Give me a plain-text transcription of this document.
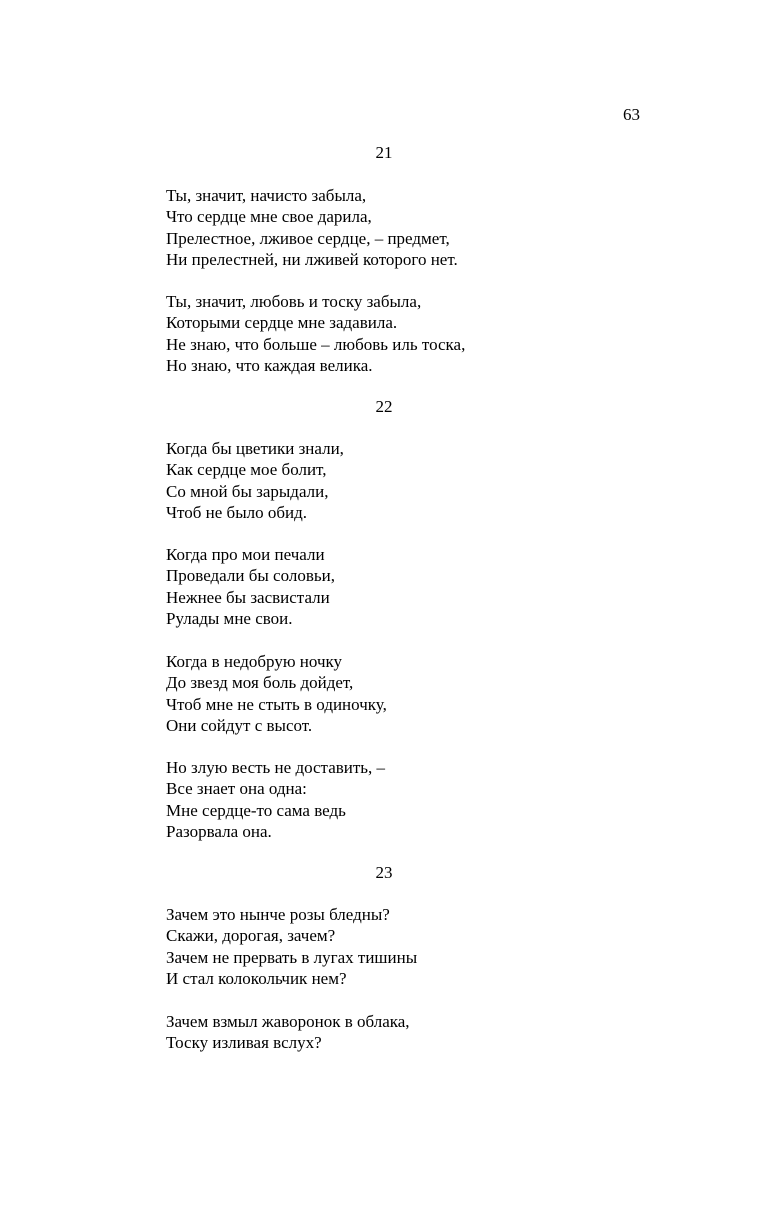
63
21
Ты, значит, начисто забыла,
Что сердце мне свое дарила,
Прелестное, лживое сердце, – предмет,
Ни прелестней, ни лживей которого нет.
Ты, значит, любовь и тоску забыла,
Которыми сердце мне задавила.
Не знаю, что больше – любовь иль тоска,
Но знаю, что каждая велика.
22
Когда бы цветики знали,
Как сердце мое болит,
Со мной бы зарыдали,
Чтоб не было обид.
Когда про мои печали
Проведали бы соловьи,
Нежнее бы засвистали
Рулады мне свои.
Когда в недобрую ночку
До звезд моя боль дойдет,
Чтоб мне не стыть в одиночку,
Они сойдут с высот.
Но злую весть не доставить, –
Все знает она одна:
Мне сердце-то сама ведь
Разорвала она.
23
Зачем это нынче розы бледны?
Скажи, дорогая, зачем?
Зачем не прервать в лугах тишины
И стал колокольчик нем?
Зачем взмыл жаворонок в облака,
Тоску изливая вслух?
